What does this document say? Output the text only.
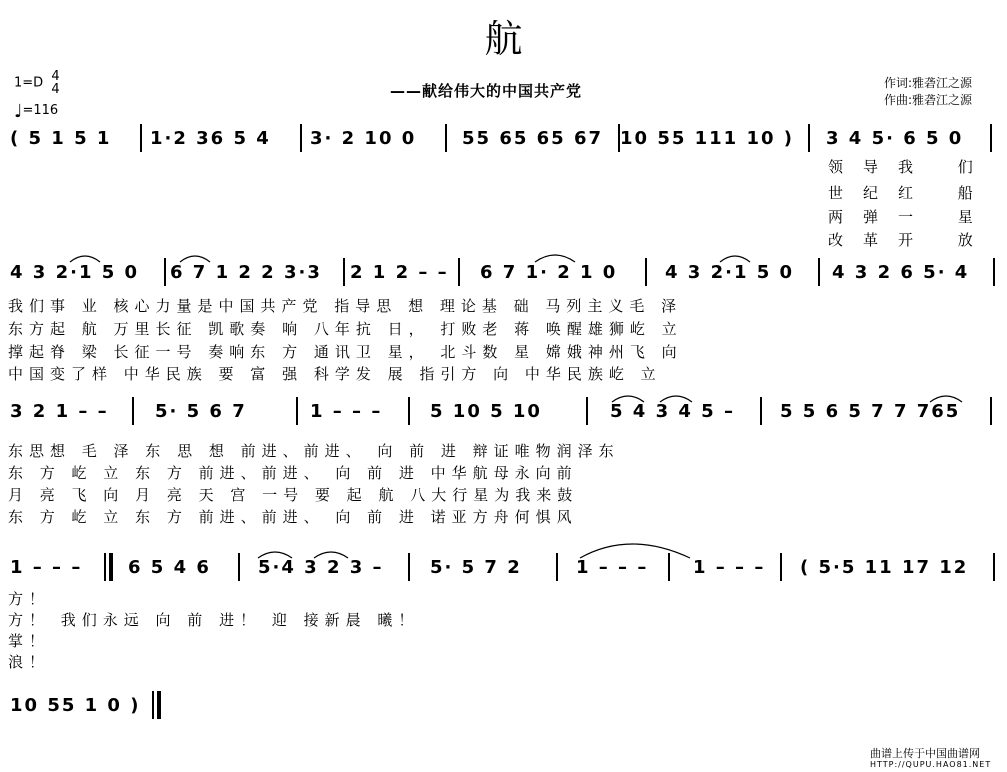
航
1=D 4
4
♩=116
——献给伟大的中国共产党	作词:雅砻江之源
作曲:雅砻江之源
( 5 1 5 1 1·2 36 5 4 3· 2 10 0	55 65 65 67 10 55 111 10 ) 3 4 5· 6 5 0
领导我 们
世纪红 船
两弹一 星
改革开 放
4 3 2·1 5 0 6 7 1 2 2 3·3 2 1 2 – – 6 7 1· 2 1 0	4 3 2·1 5 0 4 3 2 6 5· 4
我们事 业 核心力量是中国共产党 指导思 想 理论基 础 马列主义毛 泽
东方起 航 万里长征 凯歌奏 响 八年抗 日， 打败老 蒋 唤醒雄狮屹 立
撑起脊 梁 长征一号 奏响东 方 通讯卫 星， 北斗数 星 嫦娥神州飞 向
中国变了样 中华民族 要 富 强 科学发 展 指引方 向 中华民族屹 立
3 2 1 – –	5· 5 6 7	1 – – –	5 10 5 10	5 4 3 4 5 –	5 5 6 5 7 7 765
东思想 毛 泽 东 思 想 前进、前进、 向 前 进 辩证唯物润泽东
东 方 屹 立 东 方 前进、前进、 向 前 进 中华航母永向前
月 亮 飞 向 月 亮 天 宫 一号 要 起 航 八大行星为我来鼓
东 方 屹 立 东 方 前进、前进、 向 前 进 诺亚方舟何惧风
1 – – –	6 5 4 6	5·4 3 2 3 –	5· 5 7 2	1 – – – 1 – – – ( 5·5 11 17 12
方！
方！ 我们永远 向 前 进！ 迎 接新晨 曦！
掌！
浪！
10 55 1 0 )
曲谱上传于中国曲谱网
HTTP://QUPU.HAO81.NET
